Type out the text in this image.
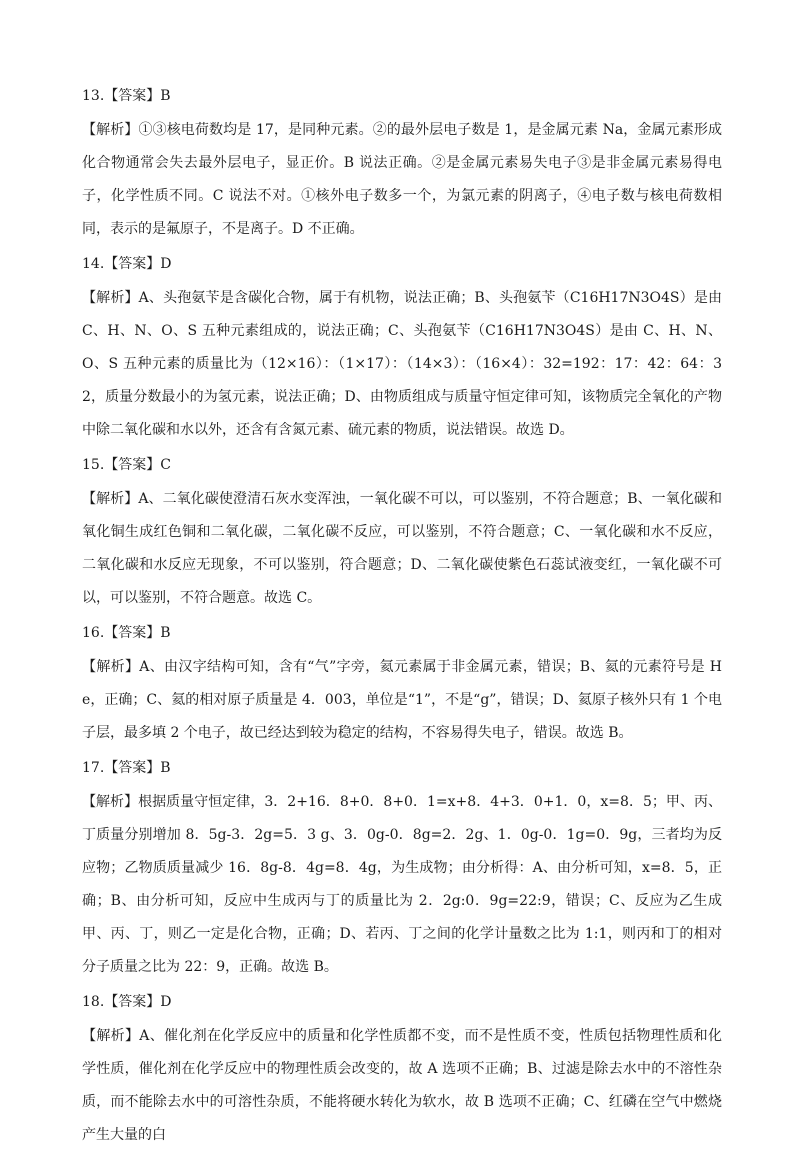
13.【答案】B

【解析】①③核电荷数均是 17，是同种元素。②的最外层电子数是 1，是金属元素 Na，金属元素形成化合物通常会失去最外层电子，显正价。B 说法正确。②是金属元素易失电子③是非金属元素易得电子，化学性质不同。C 说法不对。①核外电子数多一个，为氯元素的阴离子，④电子数与核电荷数相同，表示的是氟原子，不是离子。D 不正确。

14.【答案】D

【解析】A、头孢氨苄是含碳化合物，属于有机物，说法正确；B、头孢氨苄（C16H17N3O4S）是由 C、H、N、O、S 五种元素组成的，说法正确；C、头孢氨苄（C16H17N3O4S）是由 C、H、N、O、S 五种元素的质量比为（12×16）：（1×17）：（14×3）：（16×4）：32=192：17：42：64：32，质量分数最小的为氢元素，说法正确；D、由物质组成与质量守恒定律可知，该物质完全氧化的产物中除二氧化碳和水以外，还含有含氮元素、硫元素的物质，说法错误。故选 D。

15.【答案】C

【解析】A、二氧化碳使澄清石灰水变浑浊，一氧化碳不可以，可以鉴别，不符合题意；B、一氧化碳和氧化铜生成红色铜和二氧化碳，二氧化碳不反应，可以鉴别，不符合题意；C、一氧化碳和水不反应，二氧化碳和水反应无现象，不可以鉴别，符合题意；D、二氧化碳使紫色石蕊试液变红，一氧化碳不可以，可以鉴别，不符合题意。故选 C。

16.【答案】B

【解析】A、由汉字结构可知，含有“气”字旁，氦元素属于非金属元素，错误；B、氦的元素符号是 He，正确；C、氦的相对原子质量是 4．003，单位是“1”，不是“g”，错误；D、氦原子核外只有 1 个电子层，最多填 2 个电子，故已经达到较为稳定的结构，不容易得失电子，错误。故选 B。

17.【答案】B

【解析】根据质量守恒定律，3．2+16．8+0．8+0．1=x+8．4+3．0+1．0，x=8．5；甲、丙、丁质量分别增加 8．5g-3．2g=5．3 g、3．0g-0．8g=2．2g、1．0g-0．1g=0．9g，三者均为反应物；乙物质质量减少 16．8g-8．4g=8．4g，为生成物；由分析得：A、由分析可知，x=8．5，正确；B、由分析可知，反应中生成丙与丁的质量比为 2．2g:0．9g=22:9，错误；C、反应为乙生成甲、丙、丁，则乙一定是化合物，正确；D、若丙、丁之间的化学计量数之比为 1:1，则丙和丁的相对分子质量之比为 22：9，正确。故选 B。

18.【答案】D

【解析】A、催化剂在化学反应中的质量和化学性质都不变，而不是性质不变，性质包括物理性质和化学性质，催化剂在化学反应中的物理性质会改变的，故 A 选项不正确；B、过滤是除去水中的不溶性杂质，而不能除去水中的可溶性杂质，不能将硬水转化为软水，故 B 选项不正确；C、红磷在空气中燃烧产生大量的白
